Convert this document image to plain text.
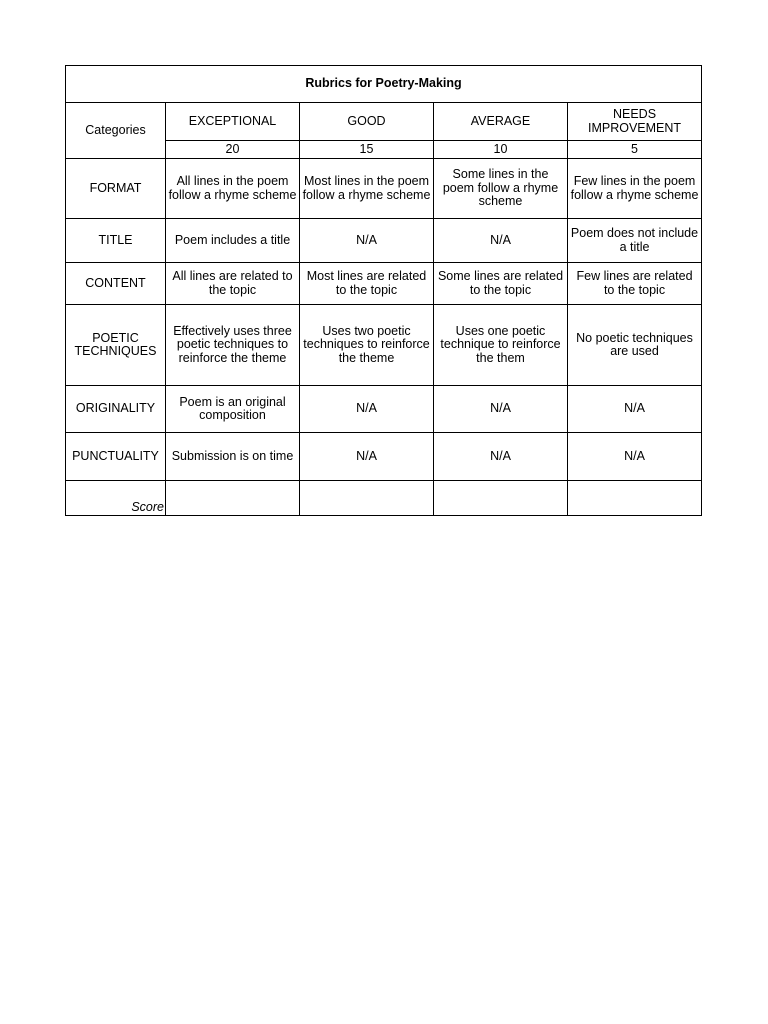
Rubrics for Poetry-Making				
Categories	EXCEPTIONAL	GOOD	AVERAGE	NEEDS IMPROVEMENT
	20	15	10	5
FORMAT	All lines in the poem follow a rhyme scheme	Most lines in the poem follow a rhyme scheme	Some lines in the poem follow a rhyme scheme	Few lines in the poem follow a rhyme scheme
TITLE	Poem includes a title	N/A	N/A	Poem does not include a title
CONTENT	All lines are related to the topic	Most lines are related to the topic	Some lines are related to the topic	Few lines are related to the topic
POETIC TECHNIQUES	Effectively uses three poetic techniques to reinforce the theme	Uses two poetic techniques to reinforce the theme	Uses one poetic technique to reinforce the them	No poetic techniques are used
ORIGINALITY	Poem is an original composition	N/A	N/A	N/A
PUNCTUALITY	Submission is on time	N/A	N/A	N/A
Score				
